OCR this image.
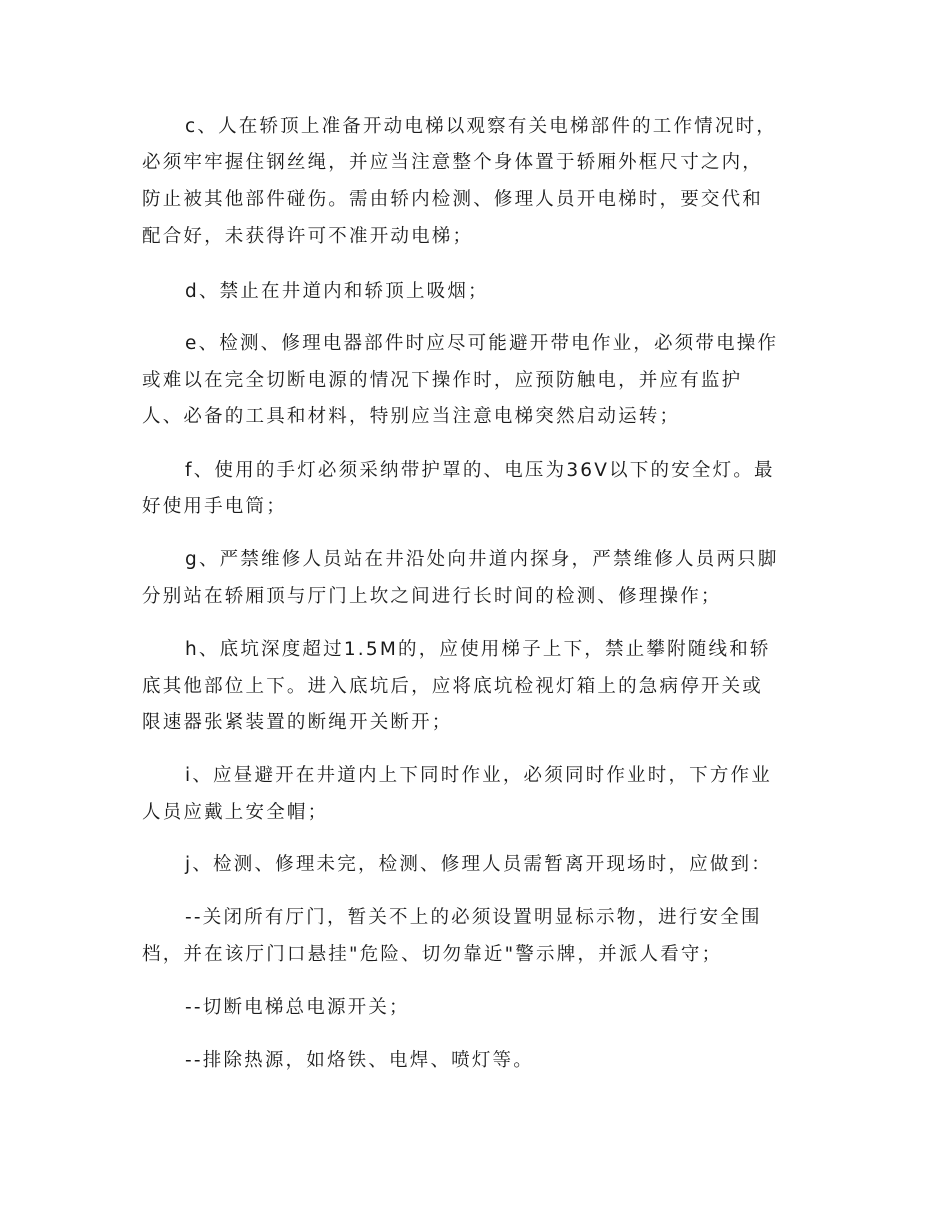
c、人在轿顶上准备开动电梯以观察有关电梯部件的工作情况时，
必须牢牢握住钢丝绳，并应当注意整个身体置于轿厢外框尺寸之内，
防止被其他部件碰伤。需由轿内检测、修理人员开电梯时，要交代和
配合好，未获得许可不准开动电梯；
d、禁止在井道内和轿顶上吸烟；
e、检测、修理电器部件时应尽可能避开带电作业，必须带电操作
或难以在完全切断电源的情况下操作时，应预防触电，并应有监护
人、必备的工具和材料，特别应当注意电梯突然启动运转；
f、使用的手灯必须采纳带护罩的、电压为36V以下的安全灯。最
好使用手电筒；
g、严禁维修人员站在井沿处向井道内探身，严禁维修人员两只脚
分别站在轿厢顶与厅门上坎之间进行长时间的检测、修理操作；
h、底坑深度超过1.5M的，应使用梯子上下，禁止攀附随线和轿
底其他部位上下。进入底坑后，应将底坑检视灯箱上的急病停开关或
限速器张紧装置的断绳开关断开；
i、应昼避开在井道内上下同时作业，必须同时作业时，下方作业
人员应戴上安全帽；
j、检测、修理未完，检测、修理人员需暂离开现场时，应做到：
--关闭所有厅门，暂关不上的必须设置明显标示物，进行安全围
档，并在该厅门口悬挂"危险、切勿靠近"警示牌，并派人看守；
--切断电梯总电源开关；
--排除热源，如烙铁、电焊、喷灯等。
